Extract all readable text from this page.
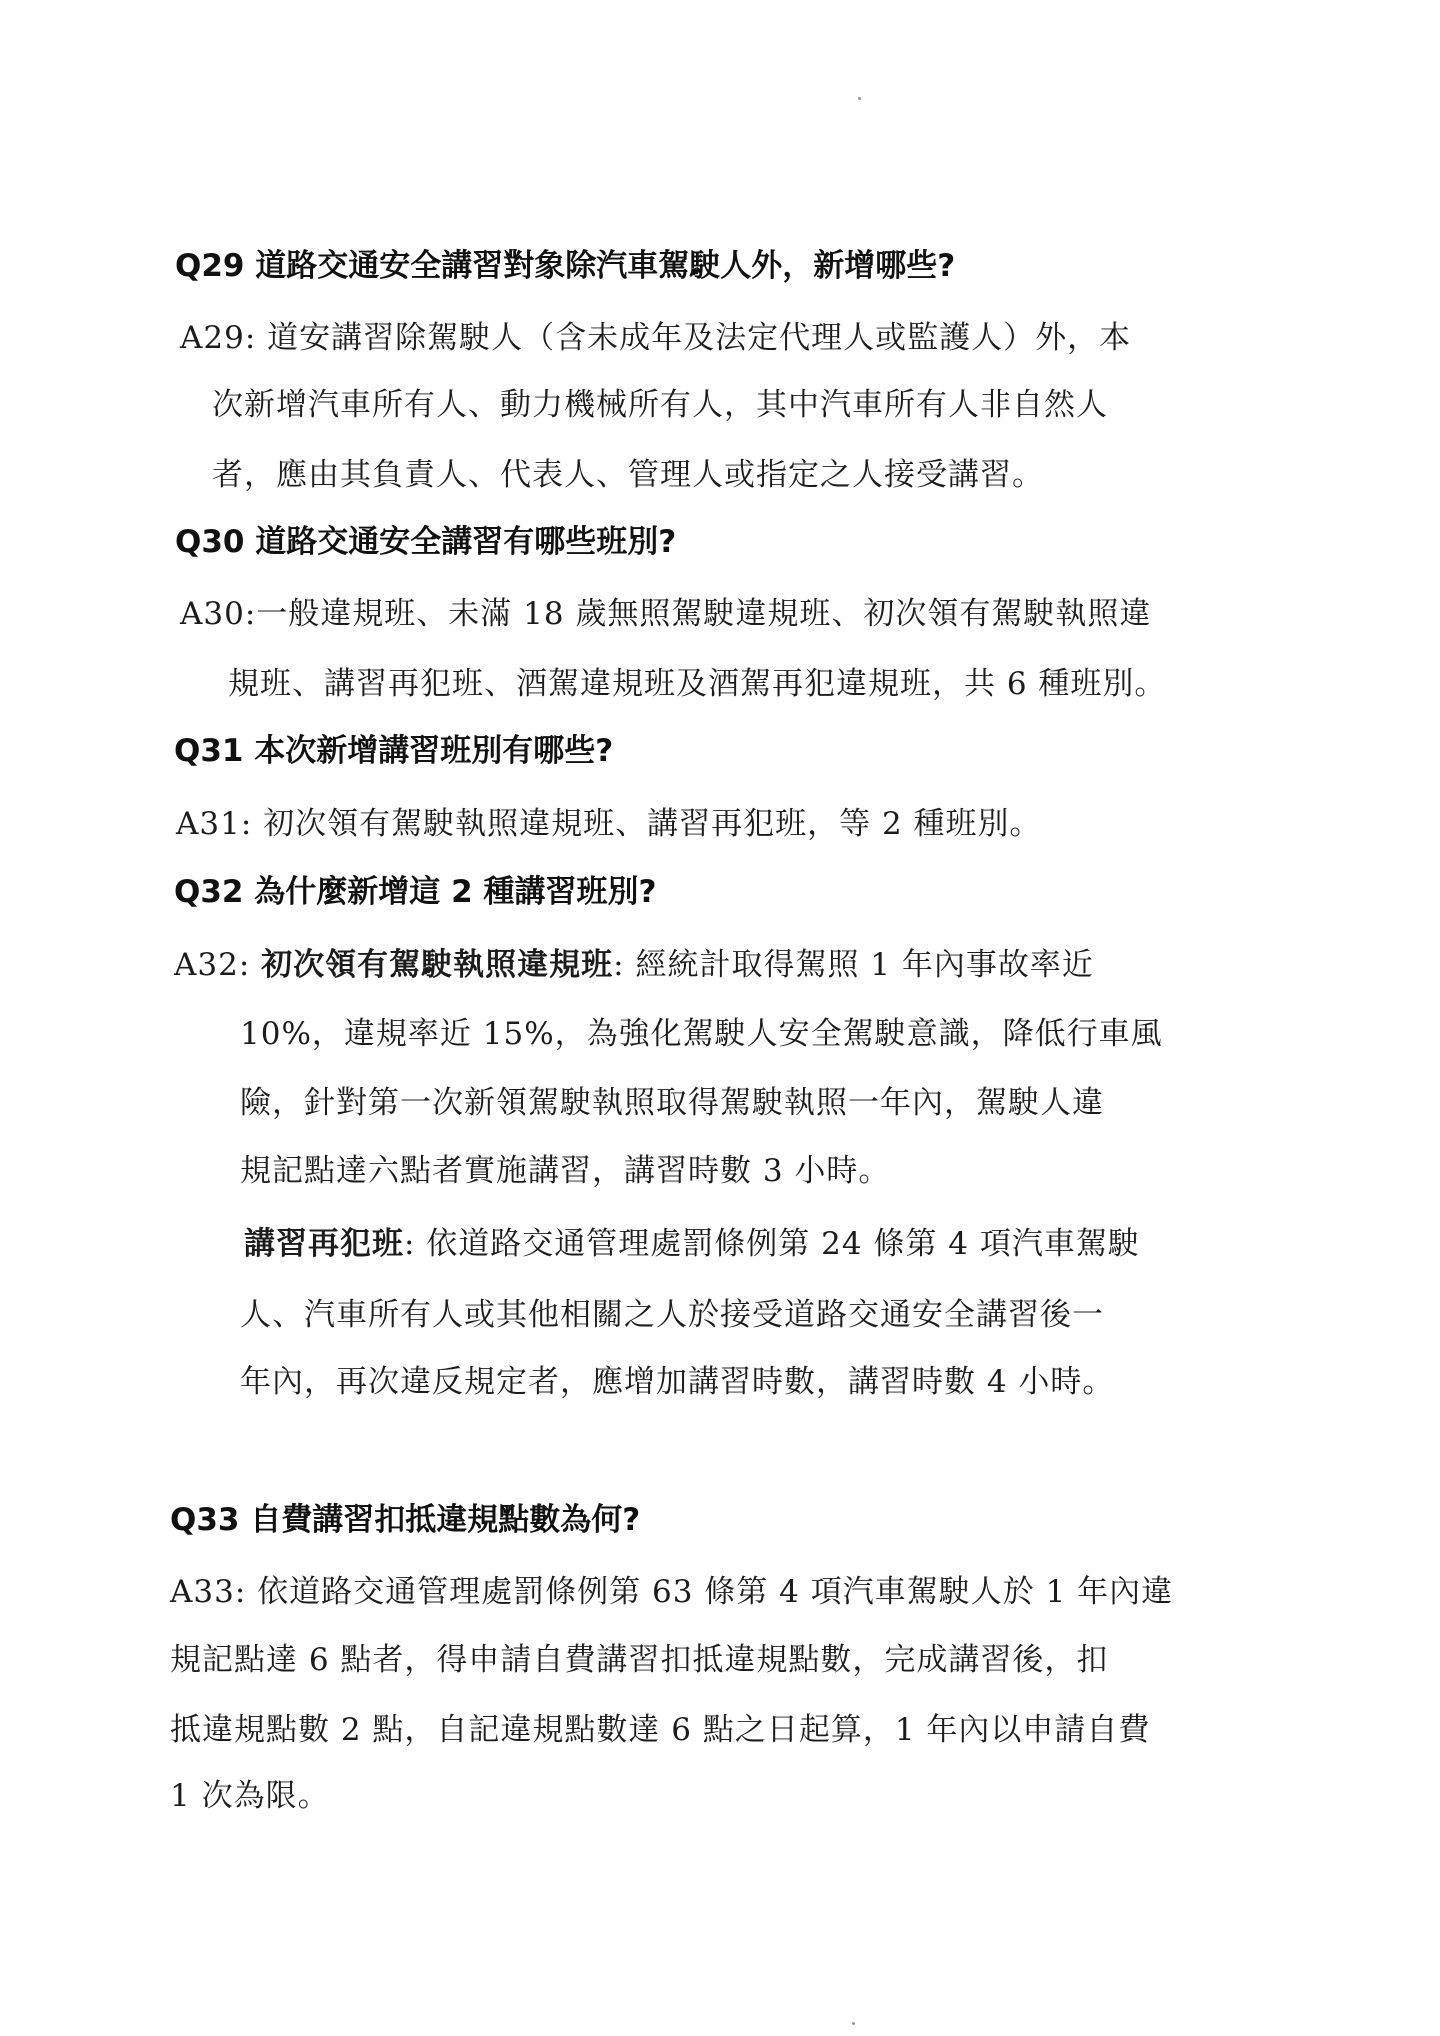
Q29 道路交通安全講習對象除汽車駕駛人外，新增哪些?
A29: 道安講習除駕駛人（含未成年及法定代理人或監護人）外，本
次新增汽車所有人、動力機械所有人，其中汽車所有人非自然人
者，應由其負責人、代表人、管理人或指定之人接受講習。
Q30 道路交通安全講習有哪些班別?
A30:一般違規班、未滿 18 歲無照駕駛違規班、初次領有駕駛執照違
規班、講習再犯班、酒駕違規班及酒駕再犯違規班，共 6 種班別。
Q31 本次新增講習班別有哪些?
A31: 初次領有駕駛執照違規班、講習再犯班，等 2 種班別。
Q32 為什麼新增這 2 種講習班別?
A32: 初次領有駕駛執照違規班: 經統計取得駕照 1 年內事故率近
10%，違規率近 15%，為強化駕駛人安全駕駛意識，降低行車風
險，針對第一次新領駕駛執照取得駕駛執照一年內，駕駛人違
規記點達六點者實施講習，講習時數 3 小時。
講習再犯班: 依道路交通管理處罰條例第 24 條第 4 項汽車駕駛
人、汽車所有人或其他相關之人於接受道路交通安全講習後一
年內，再次違反規定者，應增加講習時數，講習時數 4 小時。
Q33 自費講習扣抵違規點數為何?
A33: 依道路交通管理處罰條例第 63 條第 4 項汽車駕駛人於 1 年內違
規記點達 6 點者，得申請自費講習扣抵違規點數，完成講習後，扣
抵違規點數 2 點，自記違規點數達 6 點之日起算，1 年內以申請自費
1 次為限。
